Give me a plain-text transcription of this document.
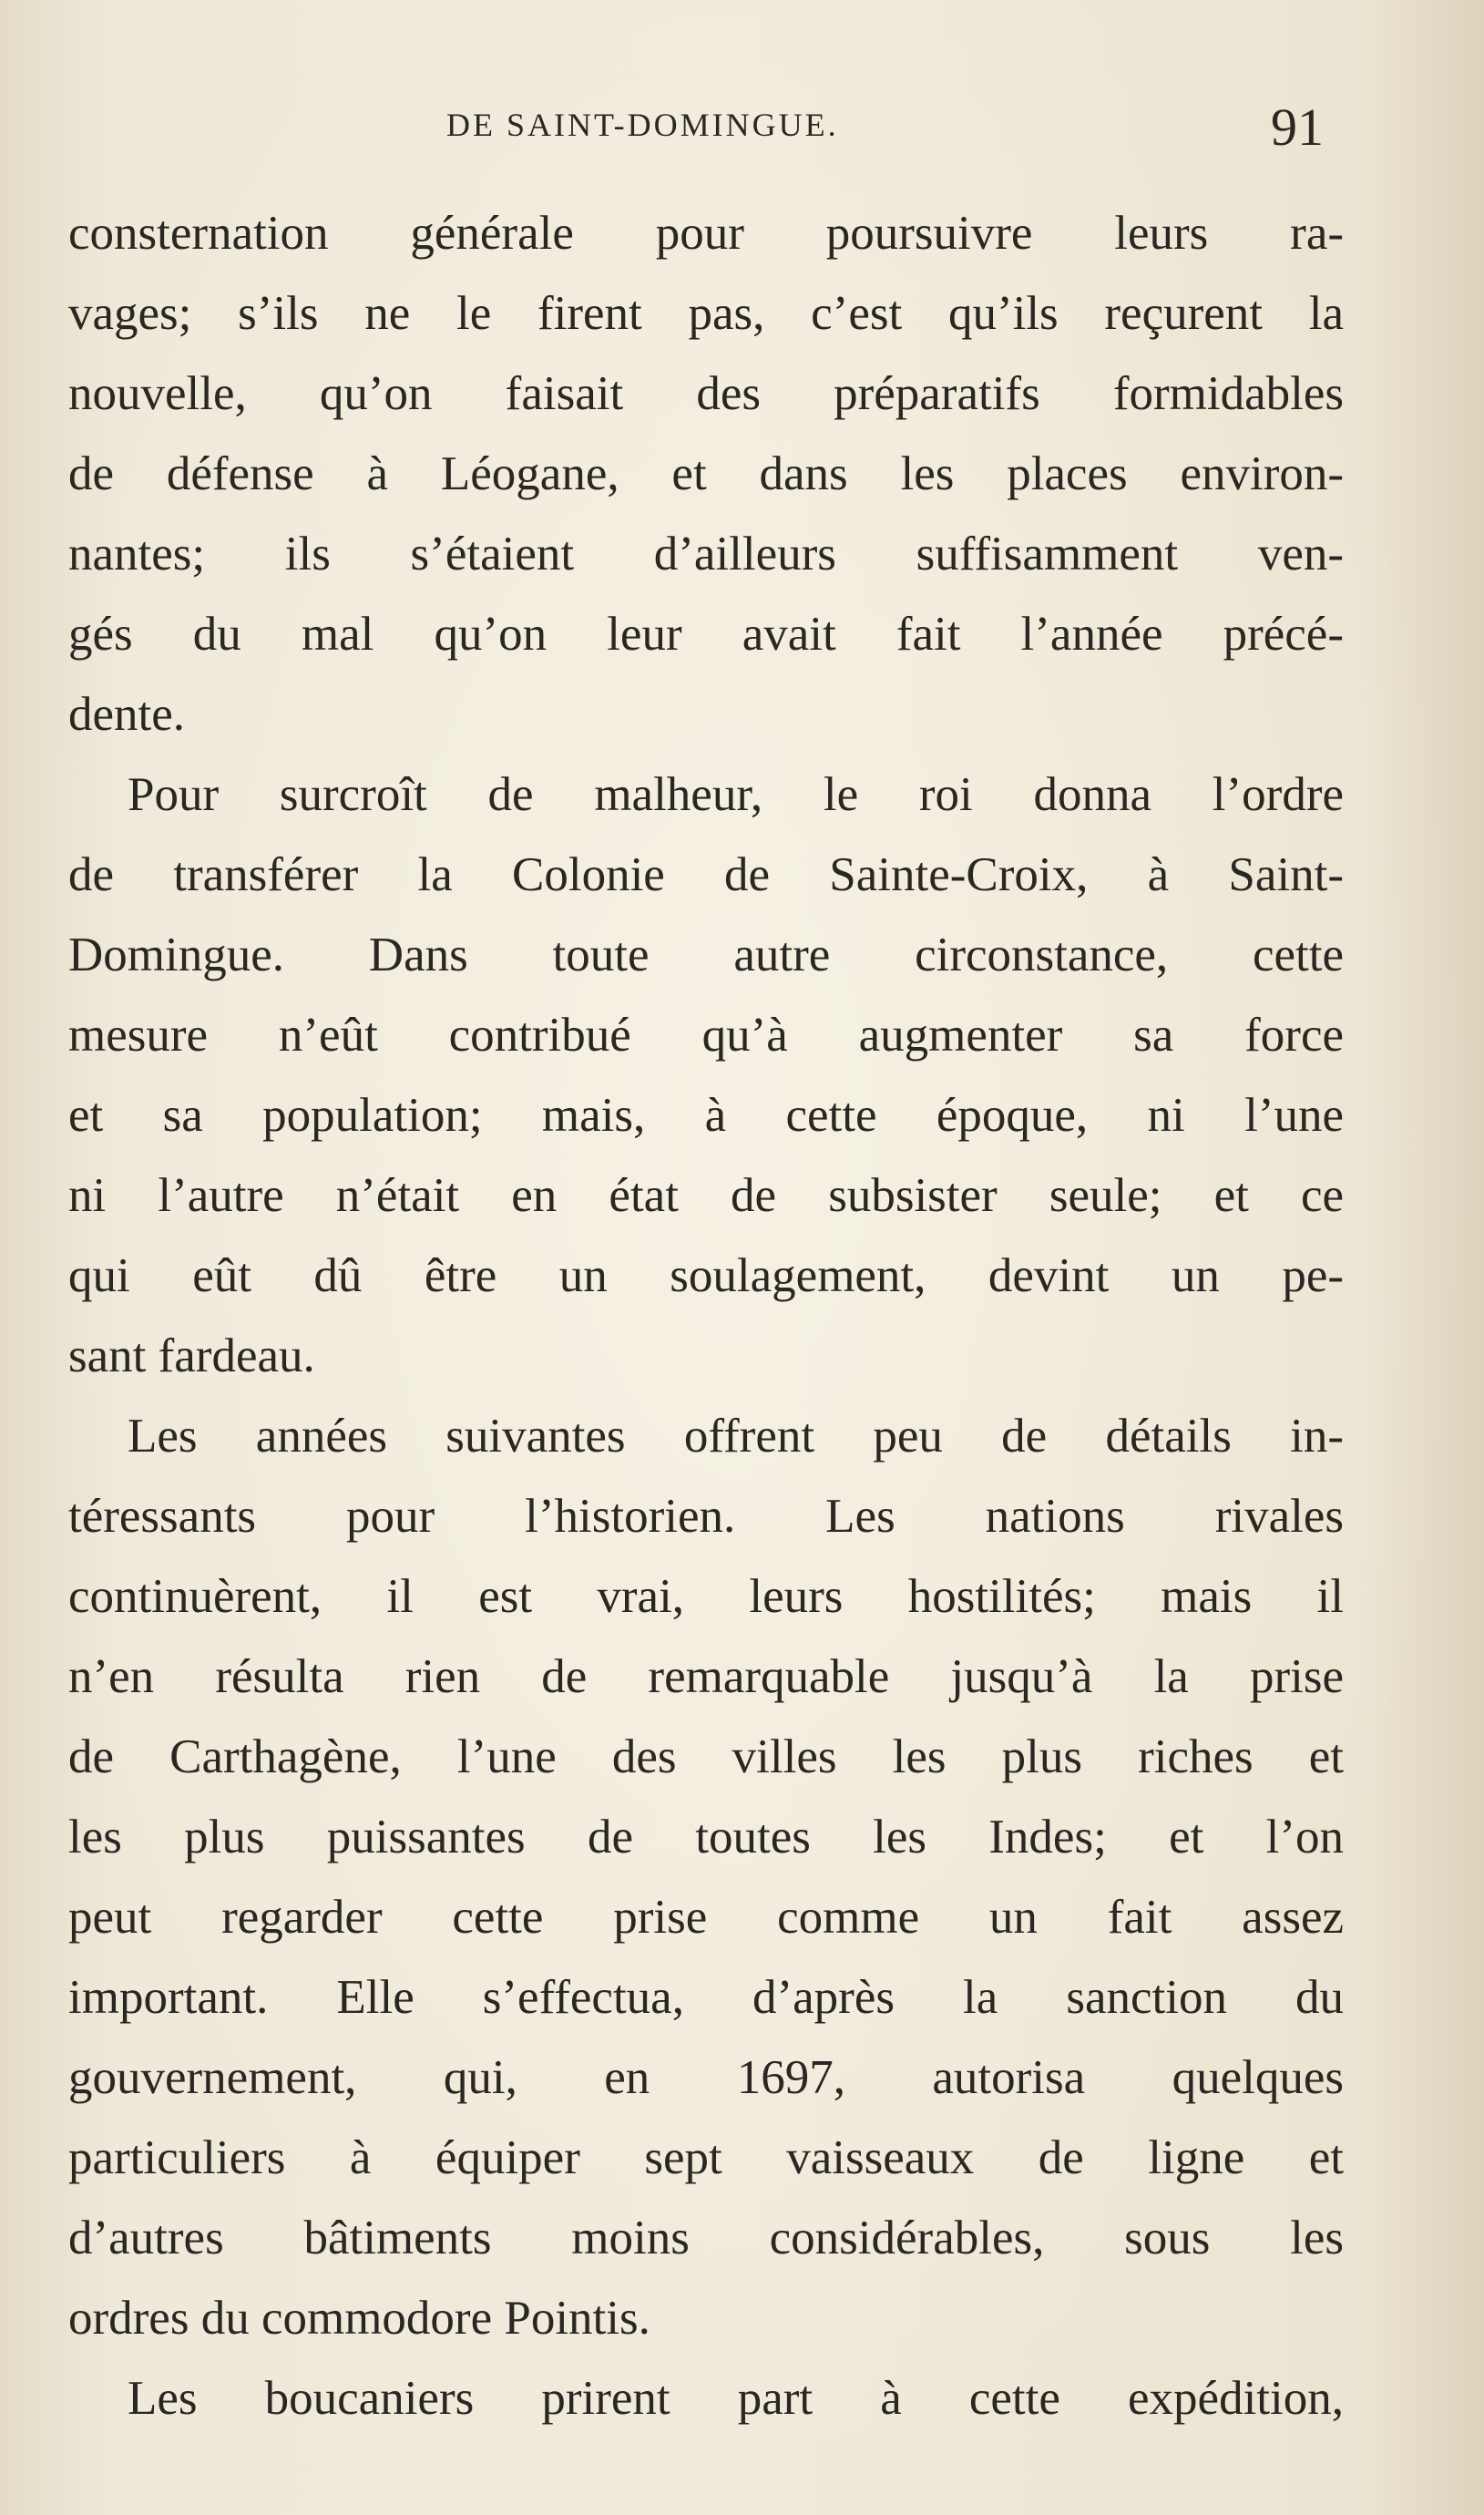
DE SAINT-DOMINGUE.	91
consternation générale pour poursuivre leurs ra-
vages; s’ils ne le firent pas, c’est qu’ils reçurent la
nouvelle, qu’on faisait des préparatifs formidables
de défense à Léogane, et dans les places environ-
nantes; ils s’étaient d’ailleurs suffisamment ven-
gés du mal qu’on leur avait fait l’année précé-
dente.
Pour surcroît de malheur, le roi donna l’ordre
de transférer la Colonie de Sainte-Croix, à Saint-
Domingue. Dans toute autre circonstance, cette
mesure n’eût contribué qu’à augmenter sa force
et sa population; mais, à cette époque, ni l’une
ni l’autre n’était en état de subsister seule; et ce
qui eût dû être un soulagement, devint un pe-
sant fardeau.
Les années suivantes offrent peu de détails in-
téressants pour l’historien. Les nations rivales
continuèrent, il est vrai, leurs hostilités; mais il
n’en résulta rien de remarquable jusqu’à la prise
de Carthagène, l’une des villes les plus riches et
les plus puissantes de toutes les Indes; et l’on
peut regarder cette prise comme un fait assez
important. Elle s’effectua, d’après la sanction du
gouvernement, qui, en 1697, autorisa quelques
particuliers à équiper sept vaisseaux de ligne et
d’autres bâtiments moins considérables, sous les
ordres du commodore Pointis.
Les boucaniers prirent part à cette expédition,
